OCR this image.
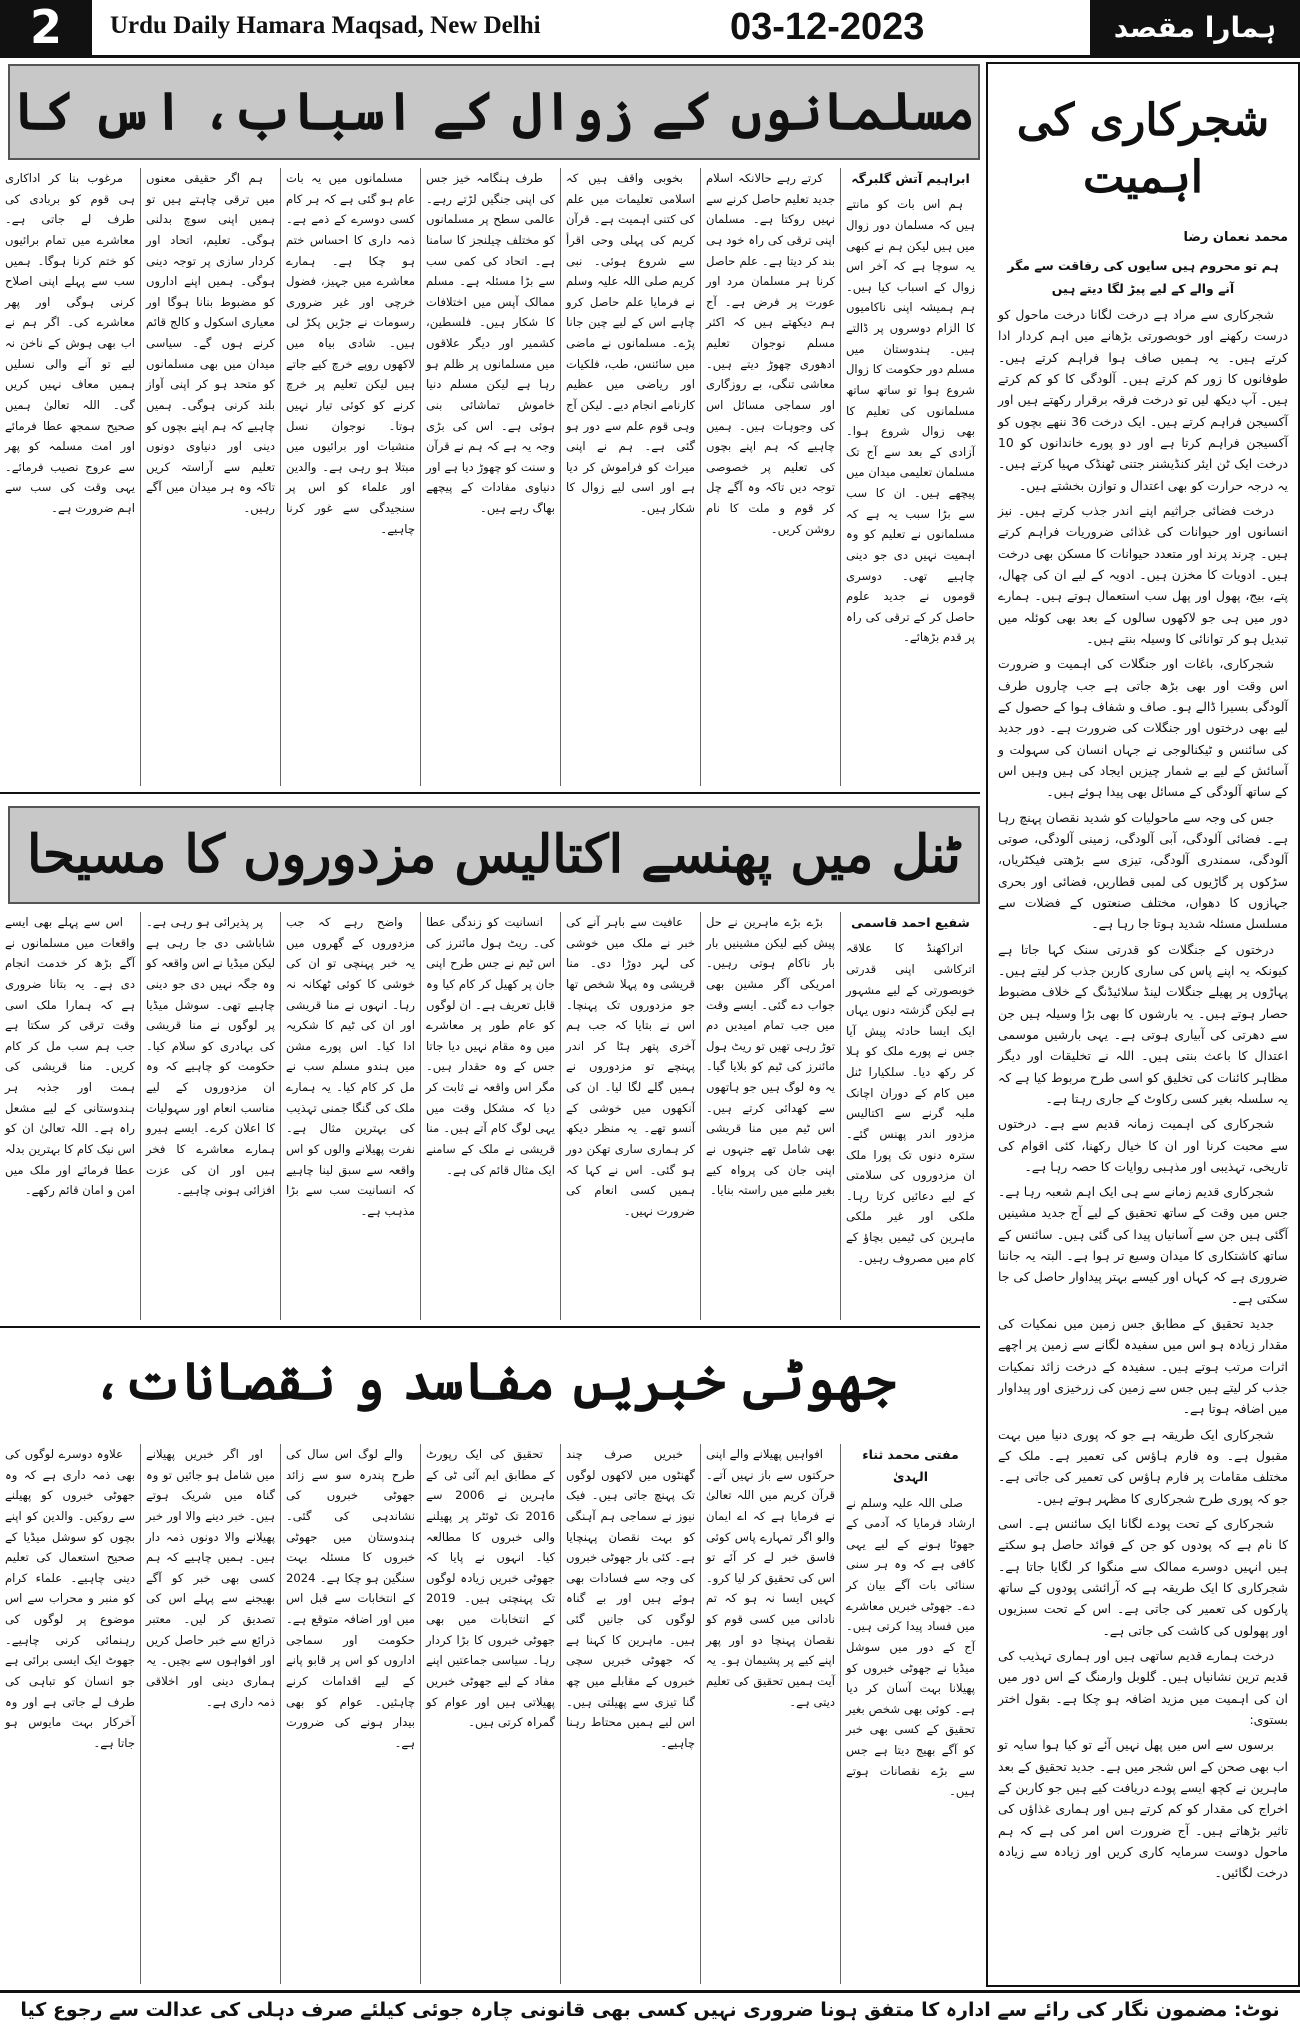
2	Urdu Daily Hamara Maqsad, New Delhi	03-12-2023	ہمارا مقصد
شجرکاری کی اہمیت
محمد نعمان رضا
ہم تو محروم ہیں سایوں کی رفاقت سے مگر
آنے والے کے لیے پیڑ لگا دیتے ہیں

شجرکاری سے مراد ہے درخت لگانا درخت ماحول کو درست رکھنے اور خوبصورتی بڑھانے میں اہم کردار ادا کرتے ہیں۔ یہ ہمیں صاف ہوا فراہم کرتے ہیں۔ طوفانوں کا زور کم کرتے ہیں۔ آلودگی کا کو کم کرتے ہیں۔ آپ دیکھ لیں تو درخت فرقہ برقرار رکھتے ہیں اور آکسیجن فراہم کرتے ہیں۔ ایک درخت 36 ننھے بچوں کو آکسیجن فراہم کرتا ہے اور دو پورے خاندانوں کو 10 درخت ایک ٹن ایئر کنڈیشنر جتنی ٹھنڈک مہیا کرتے ہیں۔ یہ درجہ حرارت کو بھی اعتدال و توازن بخشتے ہیں۔

درخت فضائی جراثیم اپنے اندر جذب کرتے ہیں۔ نیز انسانوں اور حیوانات کی غذائی ضروریات فراہم کرتے ہیں۔ چرند پرند اور متعدد حیوانات کا مسکن بھی درخت ہیں۔ ادویات کا مخزن ہیں۔ ادویہ کے لیے ان کی چھال، پتے، بیج، پھول اور پھل سب استعمال ہوتے ہیں۔ ہمارے دور میں ہی جو لاکھوں سالوں کے بعد بھی کوئلہ میں تبدیل ہو کر توانائی کا وسیلہ بنتے ہیں۔

شجرکاری، باغات اور جنگلات کی اہمیت و ضرورت اس وقت اور بھی بڑھ جاتی ہے جب چاروں طرف آلودگی بسیرا ڈالے ہو۔ صاف و شفاف ہوا کے حصول کے لیے بھی درختوں اور جنگلات کی ضرورت ہے۔ دور جدید کی سائنس و ٹیکنالوجی نے جہاں انسان کی سہولت و آسائش کے لیے بے شمار چیزیں ایجاد کی ہیں وہیں اس کے ساتھ آلودگی کے مسائل بھی پیدا ہوئے ہیں۔

جس کی وجہ سے ماحولیات کو شدید نقصان پہنچ رہا ہے۔ فضائی آلودگی، آبی آلودگی، زمینی آلودگی، صوتی آلودگی، سمندری آلودگی، تیزی سے بڑھتی فیکٹریاں، سڑکوں پر گاڑیوں کی لمبی قطاریں، فضائی اور بحری جہازوں کا دھواں، مختلف صنعتوں کے فضلات سے مسلسل مسئلہ شدید ہوتا جا رہا ہے۔

درختوں کے جنگلات کو قدرتی سنک کہا جاتا ہے کیونکہ یہ اپنے پاس کی ساری کاربن جذب کر لیتے ہیں۔ پہاڑوں پر پھیلے جنگلات لینڈ سلائیڈنگ کے خلاف مضبوط حصار ہوتے ہیں۔ یہ بارشوں کا بھی بڑا وسیلہ ہیں جن سے دھرتی کی آبیاری ہوتی ہے۔ یہی بارشیں موسمی اعتدال کا باعث بنتی ہیں۔ اللہ نے تخلیقات اور دیگر مظاہر کائنات کی تخلیق کو اسی طرح مربوط کیا ہے کہ یہ سلسلہ بغیر کسی رکاوٹ کے جاری رہتا ہے۔

شجرکاری کی اہمیت زمانہ قدیم سے ہے۔ درختوں سے محبت کرنا اور ان کا خیال رکھنا، کئی اقوام کی تاریخی، تہذیبی اور مذہبی روایات کا حصہ رہا ہے۔

شجرکاری قدیم زمانے سے ہی ایک اہم شعبہ رہا ہے۔ جس میں وقت کے ساتھ تحقیق کے لیے آج جدید مشینیں آگئی ہیں جن سے آسانیاں پیدا کی گئی ہیں۔ سائنس کے ساتھ کاشتکاری کا میدان وسیع تر ہوا ہے۔ البتہ یہ جاننا ضروری ہے کہ کہاں اور کیسے بہتر پیداوار حاصل کی جا سکتی ہے۔

جدید تحقیق کے مطابق جس زمین میں نمکیات کی مقدار زیادہ ہو اس میں سفیدہ لگانے سے زمین پر اچھے اثرات مرتب ہوتے ہیں۔ سفیدہ کے درخت زائد نمکیات جذب کر لیتے ہیں جس سے زمین کی زرخیزی اور پیداوار میں اضافہ ہوتا ہے۔

شجرکاری ایک طریقہ ہے جو کہ پوری دنیا میں بہت مقبول ہے۔ وہ فارم ہاؤس کی تعمیر ہے۔ ملک کے مختلف مقامات پر فارم ہاؤس کی تعمیر کی جاتی ہے۔ جو کہ پوری طرح شجرکاری کا مظہر ہوتے ہیں۔

شجرکاری کے تحت پودے لگانا ایک سائنس ہے۔ اسی کا نام ہے کہ پودوں کو جن کے فوائد حاصل ہو سکتے ہیں انہیں دوسرے ممالک سے منگوا کر لگایا جاتا ہے۔ شجرکاری کا ایک طریقہ ہے کہ آرائشی پودوں کے ساتھ پارکوں کی تعمیر کی جاتی ہے۔ اس کے تحت سبزیوں اور پھولوں کی کاشت کی جاتی ہے۔

درخت ہمارے قدیم ساتھی ہیں اور ہماری تہذیب کی قدیم ترین نشانیاں ہیں۔ گلوبل وارمنگ کے اس دور میں ان کی اہمیت میں مزید اضافہ ہو چکا ہے۔ بقول اختر بستوی:

برسوں سے اس میں پھل نہیں آئے تو کیا ہوا سایہ تو اب بھی صحن کے اس شجر میں ہے۔ جدید تحقیق کے بعد ماہرین نے کچھ ایسے پودے دریافت کیے ہیں جو کاربن کے اخراج کی مقدار کو کم کرتے ہیں اور ہماری غذاؤں کی تاثیر بڑھاتے ہیں۔ آج ضرورت اس امر کی ہے کہ ہم ماحول دوست سرمایہ کاری کریں اور زیادہ سے زیادہ درخت لگائیں۔

مسلمانوں کے زوال کے اسباب، اس کا
ابراہیم آتش گلبرگہ

ہم اس بات کو مانتے ہیں کہ مسلمان دور زوال میں ہیں لیکن ہم نے کبھی یہ سوچا ہے کہ آخر اس زوال کے اسباب کیا ہیں۔ ہم ہمیشہ اپنی ناکامیوں کا الزام دوسروں پر ڈالتے ہیں۔ ہندوستان میں مسلم دور حکومت کا زوال شروع ہوا تو ساتھ ساتھ مسلمانوں کی تعلیم کا بھی زوال شروع ہوا۔ آزادی کے بعد سے آج تک مسلمان تعلیمی میدان میں پیچھے ہیں۔ ان کا سب سے بڑا سبب یہ ہے کہ مسلمانوں نے تعلیم کو وہ اہمیت نہیں دی جو دینی چاہیے تھی۔ دوسری قوموں نے جدید علوم حاصل کر کے ترقی کی راہ پر قدم بڑھائے۔

کرتے رہے حالانکہ اسلام جدید تعلیم حاصل کرنے سے نہیں روکتا ہے۔ مسلمان اپنی ترقی کی راہ خود ہی بند کر دیتا ہے۔ علم حاصل کرنا ہر مسلمان مرد اور عورت پر فرض ہے۔ آج ہم دیکھتے ہیں کہ اکثر مسلم نوجوان تعلیم ادھوری چھوڑ دیتے ہیں۔ معاشی تنگی، بے روزگاری اور سماجی مسائل اس کی وجوہات ہیں۔ ہمیں چاہیے کہ ہم اپنے بچوں کی تعلیم پر خصوصی توجہ دیں تاکہ وہ آگے چل کر قوم و ملت کا نام روشن کریں۔

بخوبی واقف ہیں کہ اسلامی تعلیمات میں علم کی کتنی اہمیت ہے۔ قرآن کریم کی پہلی وحی اقرأ سے شروع ہوئی۔ نبی کریم صلی اللہ علیہ وسلم نے فرمایا علم حاصل کرو چاہے اس کے لیے چین جانا پڑے۔ مسلمانوں نے ماضی میں سائنس، طب، فلکیات اور ریاضی میں عظیم کارنامے انجام دیے۔ لیکن آج وہی قوم علم سے دور ہو گئی ہے۔ ہم نے اپنی میراث کو فراموش کر دیا ہے اور اسی لیے زوال کا شکار ہیں۔

طرف ہنگامہ خیز جس کی اپنی جنگیں لڑتے رہے۔ عالمی سطح پر مسلمانوں کو مختلف چیلنجز کا سامنا ہے۔ اتحاد کی کمی سب سے بڑا مسئلہ ہے۔ مسلم ممالک آپس میں اختلافات کا شکار ہیں۔ فلسطین، کشمیر اور دیگر علاقوں میں مسلمانوں پر ظلم ہو رہا ہے لیکن مسلم دنیا خاموش تماشائی بنی ہوئی ہے۔ اس کی بڑی وجہ یہ ہے کہ ہم نے قرآن و سنت کو چھوڑ دیا ہے اور دنیاوی مفادات کے پیچھے بھاگ رہے ہیں۔

مسلمانوں میں یہ بات عام ہو گئی ہے کہ ہر کام کسی دوسرے کے ذمے ہے۔ ذمہ داری کا احساس ختم ہو چکا ہے۔ ہمارے معاشرے میں جہیز، فضول خرچی اور غیر ضروری رسومات نے جڑیں پکڑ لی ہیں۔ شادی بیاہ میں لاکھوں روپے خرچ کیے جاتے ہیں لیکن تعلیم پر خرچ کرنے کو کوئی تیار نہیں ہوتا۔ نوجوان نسل منشیات اور برائیوں میں مبتلا ہو رہی ہے۔ والدین اور علماء کو اس پر سنجیدگی سے غور کرنا چاہیے۔

ہم اگر حقیقی معنوں میں ترقی چاہتے ہیں تو ہمیں اپنی سوچ بدلنی ہوگی۔ تعلیم، اتحاد اور کردار سازی پر توجہ دینی ہوگی۔ ہمیں اپنے اداروں کو مضبوط بنانا ہوگا اور معیاری اسکول و کالج قائم کرنے ہوں گے۔ سیاسی میدان میں بھی مسلمانوں کو متحد ہو کر اپنی آواز بلند کرنی ہوگی۔ ہمیں چاہیے کہ ہم اپنے بچوں کو دینی اور دنیاوی دونوں تعلیم سے آراستہ کریں تاکہ وہ ہر میدان میں آگے رہیں۔

مرغوب بنا کر اداکاری ہی قوم کو بربادی کی طرف لے جاتی ہے۔ معاشرے میں تمام برائیوں کو ختم کرنا ہوگا۔ ہمیں سب سے پہلے اپنی اصلاح کرنی ہوگی اور پھر معاشرے کی۔ اگر ہم نے اب بھی ہوش کے ناخن نہ لیے تو آنے والی نسلیں ہمیں معاف نہیں کریں گی۔ اللہ تعالیٰ ہمیں صحیح سمجھ عطا فرمائے اور امت مسلمہ کو پھر سے عروج نصیب فرمائے۔ یہی وقت کی سب سے اہم ضرورت ہے۔

ٹنل میں پھنسے اکتالیس مزدوروں کا مسیحا
شفیع احمد قاسمی

اتراکھنڈ کا علاقہ اترکاشی اپنی قدرتی خوبصورتی کے لیے مشہور ہے لیکن گزشتہ دنوں یہاں ایک ایسا حادثہ پیش آیا جس نے پورے ملک کو ہلا کر رکھ دیا۔ سلکیارا ٹنل میں کام کے دوران اچانک ملبہ گرنے سے اکتالیس مزدور اندر پھنس گئے۔ سترہ دنوں تک پورا ملک ان مزدوروں کی سلامتی کے لیے دعائیں کرتا رہا۔ ملکی اور غیر ملکی ماہرین کی ٹیمیں بچاؤ کے کام میں مصروف رہیں۔

بڑے بڑے ماہرین نے حل پیش کیے لیکن مشینیں بار بار ناکام ہوتی رہیں۔ امریکی آگر مشین بھی جواب دے گئی۔ ایسے وقت میں جب تمام امیدیں دم توڑ رہی تھیں تو ریٹ ہول مائنرز کی ٹیم کو بلایا گیا۔ یہ وہ لوگ ہیں جو ہاتھوں سے کھدائی کرتے ہیں۔ اس ٹیم میں منا قریشی بھی شامل تھے جنہوں نے اپنی جان کی پرواہ کیے بغیر ملبے میں راستہ بنایا۔

عافیت سے باہر آنے کی خبر نے ملک میں خوشی کی لہر دوڑا دی۔ منا قریشی وہ پہلا شخص تھا جو مزدوروں تک پہنچا۔ اس نے بتایا کہ جب ہم آخری پتھر ہٹا کر اندر پہنچے تو مزدوروں نے ہمیں گلے لگا لیا۔ ان کی آنکھوں میں خوشی کے آنسو تھے۔ یہ منظر دیکھ کر ہماری ساری تھکن دور ہو گئی۔ اس نے کہا کہ ہمیں کسی انعام کی ضرورت نہیں۔

انسانیت کو زندگی عطا کی۔ ریٹ ہول مائنرز کی اس ٹیم نے جس طرح اپنی جان پر کھیل کر کام کیا وہ قابل تعریف ہے۔ ان لوگوں کو عام طور پر معاشرے میں وہ مقام نہیں دیا جاتا جس کے وہ حقدار ہیں۔ مگر اس واقعہ نے ثابت کر دیا کہ مشکل وقت میں یہی لوگ کام آتے ہیں۔ منا قریشی نے ملک کے سامنے ایک مثال قائم کی ہے۔

واضح رہے کہ جب مزدوروں کے گھروں میں یہ خبر پہنچی تو ان کی خوشی کا کوئی ٹھکانہ نہ رہا۔ انہوں نے منا قریشی اور ان کی ٹیم کا شکریہ ادا کیا۔ اس پورے مشن میں ہندو مسلم سب نے مل کر کام کیا۔ یہ ہمارے ملک کی گنگا جمنی تہذیب کی بہترین مثال ہے۔ نفرت پھیلانے والوں کو اس واقعہ سے سبق لینا چاہیے کہ انسانیت سب سے بڑا مذہب ہے۔

پر پذیرائی ہو رہی ہے۔ شاباشی دی جا رہی ہے لیکن میڈیا نے اس واقعہ کو وہ جگہ نہیں دی جو دینی چاہیے تھی۔ سوشل میڈیا پر لوگوں نے منا قریشی کی بہادری کو سلام کیا۔ حکومت کو چاہیے کہ وہ ان مزدوروں کے لیے مناسب انعام اور سہولیات کا اعلان کرے۔ ایسے ہیرو ہمارے معاشرے کا فخر ہیں اور ان کی عزت افزائی ہونی چاہیے۔

اس سے پہلے بھی ایسے واقعات میں مسلمانوں نے آگے بڑھ کر خدمت انجام دی ہے۔ یہ بتانا ضروری ہے کہ ہمارا ملک اسی وقت ترقی کر سکتا ہے جب ہم سب مل کر کام کریں۔ منا قریشی کی ہمت اور جذبہ ہر ہندوستانی کے لیے مشعل راہ ہے۔ اللہ تعالیٰ ان کو اس نیک کام کا بہترین بدلہ عطا فرمائے اور ملک میں امن و امان قائم رکھے۔

جھوٹی خبریں مفاسد و نقصانات،
مفتی محمد ثناء الہدیٰ

صلی اللہ علیہ وسلم نے ارشاد فرمایا کہ آدمی کے جھوٹا ہونے کے لیے یہی کافی ہے کہ وہ ہر سنی سنائی بات آگے بیان کر دے۔ جھوٹی خبریں معاشرے میں فساد پیدا کرتی ہیں۔ آج کے دور میں سوشل میڈیا نے جھوٹی خبروں کو پھیلانا بہت آسان کر دیا ہے۔ کوئی بھی شخص بغیر تحقیق کے کسی بھی خبر کو آگے بھیج دیتا ہے جس سے بڑے نقصانات ہوتے ہیں۔

افواہیں پھیلانے والے اپنی حرکتوں سے باز نہیں آتے۔ قرآن کریم میں اللہ تعالیٰ نے فرمایا ہے کہ اے ایمان والو اگر تمہارے پاس کوئی فاسق خبر لے کر آئے تو اس کی تحقیق کر لیا کرو۔ کہیں ایسا نہ ہو کہ تم نادانی میں کسی قوم کو نقصان پہنچا دو اور پھر اپنے کیے پر پشیمان ہو۔ یہ آیت ہمیں تحقیق کی تعلیم دیتی ہے۔

خبریں صرف چند گھنٹوں میں لاکھوں لوگوں تک پہنچ جاتی ہیں۔ فیک نیوز نے سماجی ہم آہنگی کو بہت نقصان پہنچایا ہے۔ کئی بار جھوٹی خبروں کی وجہ سے فسادات بھی ہوئے ہیں اور بے گناہ لوگوں کی جانیں گئی ہیں۔ ماہرین کا کہنا ہے کہ جھوٹی خبریں سچی خبروں کے مقابلے میں چھ گنا تیزی سے پھیلتی ہیں۔ اس لیے ہمیں محتاط رہنا چاہیے۔

تحقیق کی ایک رپورٹ کے مطابق ایم آئی ٹی کے ماہرین نے 2006 سے 2016 تک ٹوئٹر پر پھیلنے والی خبروں کا مطالعہ کیا۔ انہوں نے پایا کہ جھوٹی خبریں زیادہ لوگوں تک پہنچتی ہیں۔ 2019 کے انتخابات میں بھی جھوٹی خبروں کا بڑا کردار رہا۔ سیاسی جماعتیں اپنے مفاد کے لیے جھوٹی خبریں پھیلاتی ہیں اور عوام کو گمراہ کرتی ہیں۔

والے لوگ اس سال کی طرح پندرہ سو سے زائد جھوٹی خبروں کی نشاندہی کی گئی۔ ہندوستان میں جھوٹی خبروں کا مسئلہ بہت سنگین ہو چکا ہے۔ 2024 کے انتخابات سے قبل اس میں اور اضافہ متوقع ہے۔ حکومت اور سماجی اداروں کو اس پر قابو پانے کے لیے اقدامات کرنے چاہئیں۔ عوام کو بھی بیدار ہونے کی ضرورت ہے۔

اور اگر خبریں پھیلانے میں شامل ہو جائیں تو وہ گناہ میں شریک ہوتے ہیں۔ خبر دینے والا اور خبر پھیلانے والا دونوں ذمہ دار ہیں۔ ہمیں چاہیے کہ ہم کسی بھی خبر کو آگے بھیجنے سے پہلے اس کی تصدیق کر لیں۔ معتبر ذرائع سے خبر حاصل کریں اور افواہوں سے بچیں۔ یہ ہماری دینی اور اخلاقی ذمہ داری ہے۔

علاوہ دوسرے لوگوں کی بھی ذمہ داری ہے کہ وہ جھوٹی خبروں کو پھیلنے سے روکیں۔ والدین کو اپنے بچوں کو سوشل میڈیا کے صحیح استعمال کی تعلیم دینی چاہیے۔ علماء کرام کو منبر و محراب سے اس موضوع پر لوگوں کی رہنمائی کرنی چاہیے۔ جھوٹ ایک ایسی برائی ہے جو انسان کو تباہی کی طرف لے جاتی ہے اور وہ آخرکار بہت مایوس ہو جاتا ہے۔

نوٹ: مضمون نگار کی رائے سے ادارہ کا متفق ہونا ضروری نہیں کسی بھی قانونی چارہ جوئی کیلئے صرف دہلی کی عدالت سے رجوع کیا
